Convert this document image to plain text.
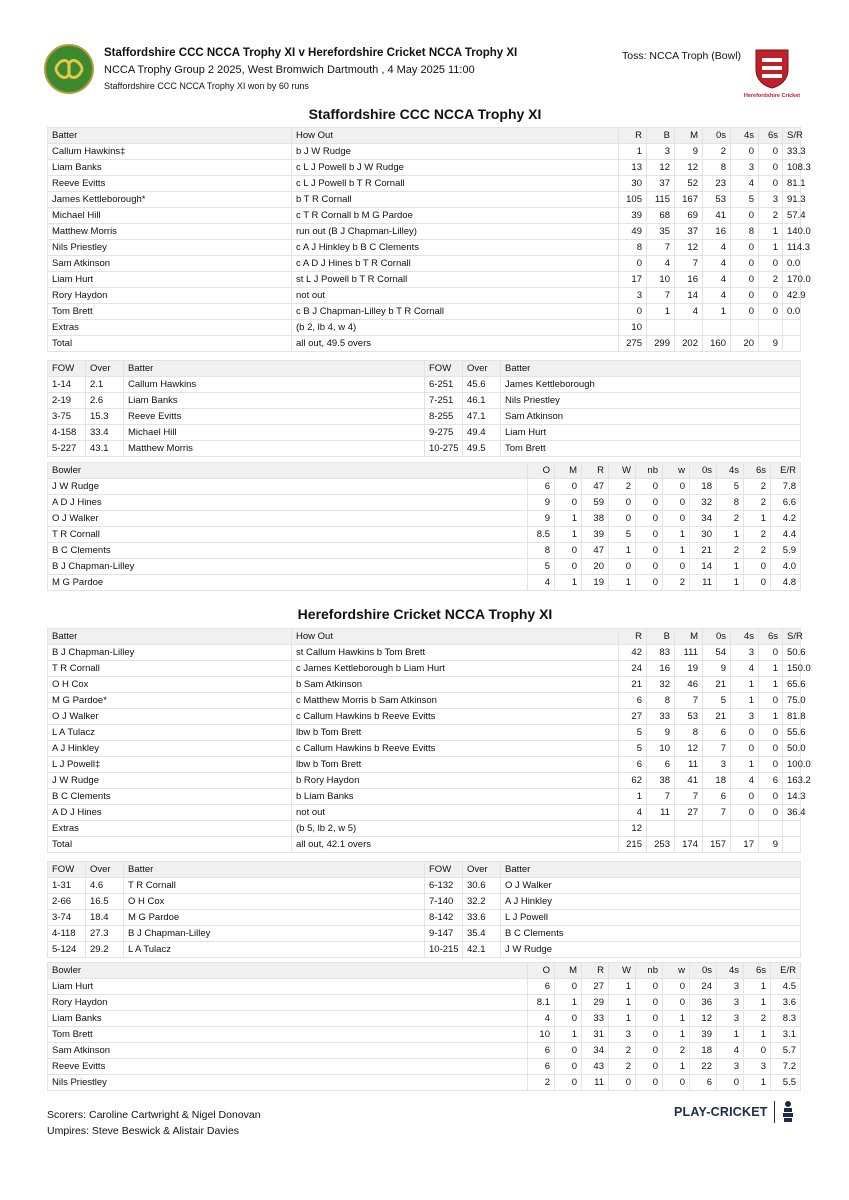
Staffordshire CCC NCCA Trophy XI v Herefordshire Cricket NCCA Trophy XI
NCCA Trophy Group 2 2025, West Bromwich Dartmouth , 4 May 2025 11:00
Staffordshire CCC NCCA Trophy XI won by 60 runs
Toss: NCCA Troph (Bowl)
Herefordshire Cricket
Staffordshire CCC NCCA Trophy XI
Batter	How Out	R	B	M	0s	4s	6s	S/R
Callum Hawkins‡	b J W Rudge	1	3	9	2	0	0	33.3
Liam Banks	c L J Powell b J W Rudge	13	12	12	8	3	0	108.3
Reeve Evitts	c L J Powell b T R Cornall	30	37	52	23	4	0	81.1
James Kettleborough*	b T R Cornall	105	115	167	53	5	3	91.3
Michael Hill	c T R Cornall b M G Pardoe	39	68	69	41	0	2	57.4
Matthew Morris	run out (B J Chapman-Lilley)	49	35	37	16	8	1	140.0
Nils Priestley	c A J Hinkley b B C Clements	8	7	12	4	0	1	114.3
Sam Atkinson	c A D J Hines b T R Cornall	0	4	7	4	0	0	0.0
Liam Hurt	st L J Powell b T R Cornall	17	10	16	4	0	2	170.0
Rory Haydon	not out	3	7	14	4	0	0	42.9
Tom Brett	c B J Chapman-Lilley b T R Cornall	0	1	4	1	0	0	0.0
Extras	(b 2, lb 4, w 4)	10						
Total	all out, 49.5 overs	275	299	202	160	20	9	
FOW	Over	Batter	FOW	Over	Batter
1-14	2.1	Callum Hawkins	6-251	45.6	James Kettleborough
2-19	2.6	Liam Banks	7-251	46.1	Nils Priestley
3-75	15.3	Reeve Evitts	8-255	47.1	Sam Atkinson
4-158	33.4	Michael Hill	9-275	49.4	Liam Hurt
5-227	43.1	Matthew Morris	10-275	49.5	Tom Brett
Bowler	O	M	R	W	nb	w	0s	4s	6s	E/R
J W Rudge	6	0	47	2	0	0	18	5	2	7.8
A D J Hines	9	0	59	0	0	0	32	8	2	6.6
O J Walker	9	1	38	0	0	0	34	2	1	4.2
T R Cornall	8.5	1	39	5	0	1	30	1	2	4.4
B C Clements	8	0	47	1	0	1	21	2	2	5.9
B J Chapman-Lilley	5	0	20	0	0	0	14	1	0	4.0
M G Pardoe	4	1	19	1	0	2	11	1	0	4.8
Herefordshire Cricket NCCA Trophy XI
Batter	How Out	R	B	M	0s	4s	6s	S/R
B J Chapman-Lilley	st Callum Hawkins b Tom Brett	42	83	111	54	3	0	50.6
T R Cornall	c James Kettleborough b Liam Hurt	24	16	19	9	4	1	150.0
O H Cox	b Sam Atkinson	21	32	46	21	1	1	65.6
M G Pardoe*	c Matthew Morris b Sam Atkinson	6	8	7	5	1	0	75.0
O J Walker	c Callum Hawkins b Reeve Evitts	27	33	53	21	3	1	81.8
L A Tulacz	lbw b Tom Brett	5	9	8	6	0	0	55.6
A J Hinkley	c Callum Hawkins b Reeve Evitts	5	10	12	7	0	0	50.0
L J Powell‡	lbw b Tom Brett	6	6	11	3	1	0	100.0
J W Rudge	b Rory Haydon	62	38	41	18	4	6	163.2
B C Clements	b Liam Banks	1	7	7	6	0	0	14.3
A D J Hines	not out	4	11	27	7	0	0	36.4
Extras	(b 5, lb 2, w 5)	12						
Total	all out, 42.1 overs	215	253	174	157	17	9	
FOW	Over	Batter	FOW	Over	Batter
1-31	4.6	T R Cornall	6-132	30.6	O J Walker
2-66	16.5	O H Cox	7-140	32.2	A J Hinkley
3-74	18.4	M G Pardoe	8-142	33.6	L J Powell
4-118	27.3	B J Chapman-Lilley	9-147	35.4	B C Clements
5-124	29.2	L A Tulacz	10-215	42.1	J W Rudge
Bowler	O	M	R	W	nb	w	0s	4s	6s	E/R
Liam Hurt	6	0	27	1	0	0	24	3	1	4.5
Rory Haydon	8.1	1	29	1	0	0	36	3	1	3.6
Liam Banks	4	0	33	1	0	1	12	3	2	8.3
Tom Brett	10	1	31	3	0	1	39	1	1	3.1
Sam Atkinson	6	0	34	2	0	2	18	4	0	5.7
Reeve Evitts	6	0	43	2	0	1	22	3	3	7.2
Nils Priestley	2	0	11	0	0	0	6	0	1	5.5
Scorers: Caroline Cartwright & Nigel Donovan
Umpires: Steve Beswick & Alistair Davies
PLAY-CRICKET
